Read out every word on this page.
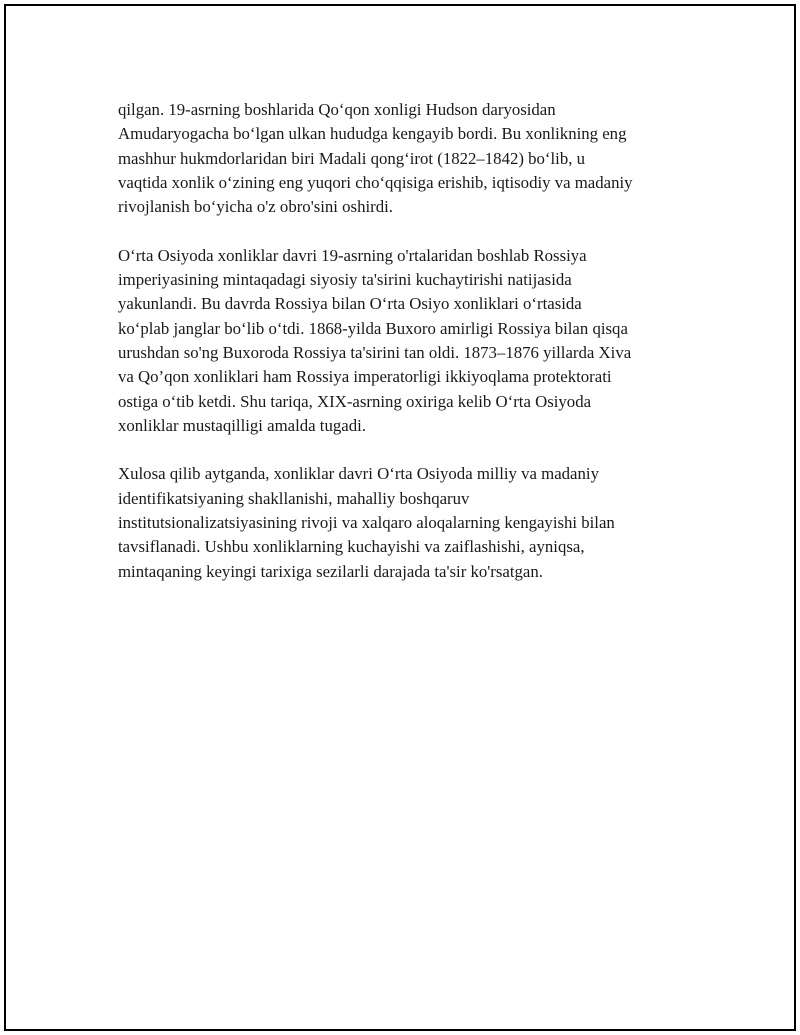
qilgan. 19-asrning boshlarida Qo‘qon xonligi Hudson daryosidan
Amudaryogacha bo‘lgan ulkan hududga kengayib bordi. Bu xonlikning eng
mashhur hukmdorlaridan biri Madali qong‘irot (1822–1842) bo‘lib, u
vaqtida xonlik o‘zining eng yuqori cho‘qqisiga erishib, iqtisodiy va madaniy
rivojlanish bo‘yicha o'z obro'sini oshirdi.

O‘rta Osiyoda xonliklar davri 19-asrning o'rtalaridan boshlab Rossiya
imperiyasining mintaqadagi siyosiy ta'sirini kuchaytirishi natijasida
yakunlandi. Bu davrda Rossiya bilan O‘rta Osiyo xonliklari o‘rtasida
ko‘plab janglar bo‘lib o‘tdi. 1868-yilda Buxoro amirligi Rossiya bilan qisqa
urushdan so'ng Buxoroda Rossiya ta'sirini tan oldi. 1873–1876 yillarda Xiva
va Qo’qon xonliklari ham Rossiya imperatorligi ikkiyoqlama protektorati
ostiga o‘tib ketdi. Shu tariqa, XIX-asrning oxiriga kelib O‘rta Osiyoda
xonliklar mustaqilligi amalda tugadi.

Xulosa qilib aytganda, xonliklar davri O‘rta Osiyoda milliy va madaniy
identifikatsiyaning shakllanishi, mahalliy boshqaruv
institutsionalizatsiyasining rivoji va xalqaro aloqalarning kengayishi bilan
tavsiflanadi. Ushbu xonliklarning kuchayishi va zaiflashishi, ayniqsa,
mintaqaning keyingi tarixiga sezilarli darajada ta'sir ko'rsatgan.
